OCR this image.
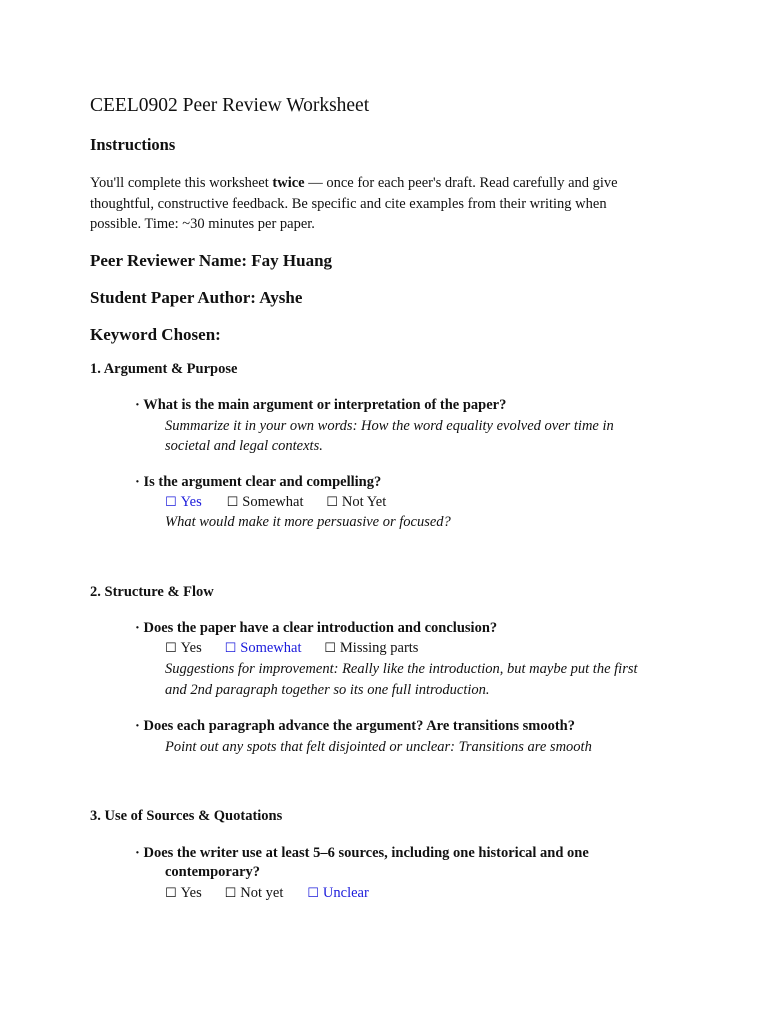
CEEL0902 Peer Review Worksheet
Instructions
You'll complete this worksheet twice — once for each peer's draft. Read carefully and give thoughtful, constructive feedback. Be specific and cite examples from their writing when possible. Time: ~30 minutes per paper.
Peer Reviewer Name: Fay Huang
Student Paper Author: Ayshe
Keyword Chosen:
1. Argument & Purpose
· What is the main argument or interpretation of the paper?
Summarize it in your own words: How the word equality evolved over time in
societal and legal contexts.
· Is the argument clear and compelling?
☐ Yes ☐ Somewhat ☐ Not Yet
What would make it more persuasive or focused?
2. Structure & Flow
· Does the paper have a clear introduction and conclusion?
☐ Yes ☐ Somewhat ☐ Missing parts
Suggestions for improvement: Really like the introduction, but maybe put the first
and 2nd paragraph together so its one full introduction.
· Does each paragraph advance the argument? Are transitions smooth?
Point out any spots that felt disjointed or unclear: Transitions are smooth
3. Use of Sources & Quotations
· Does the writer use at least 5–6 sources, including one historical and one
contemporary?
☐ Yes ☐ Not yet ☐ Unclear
